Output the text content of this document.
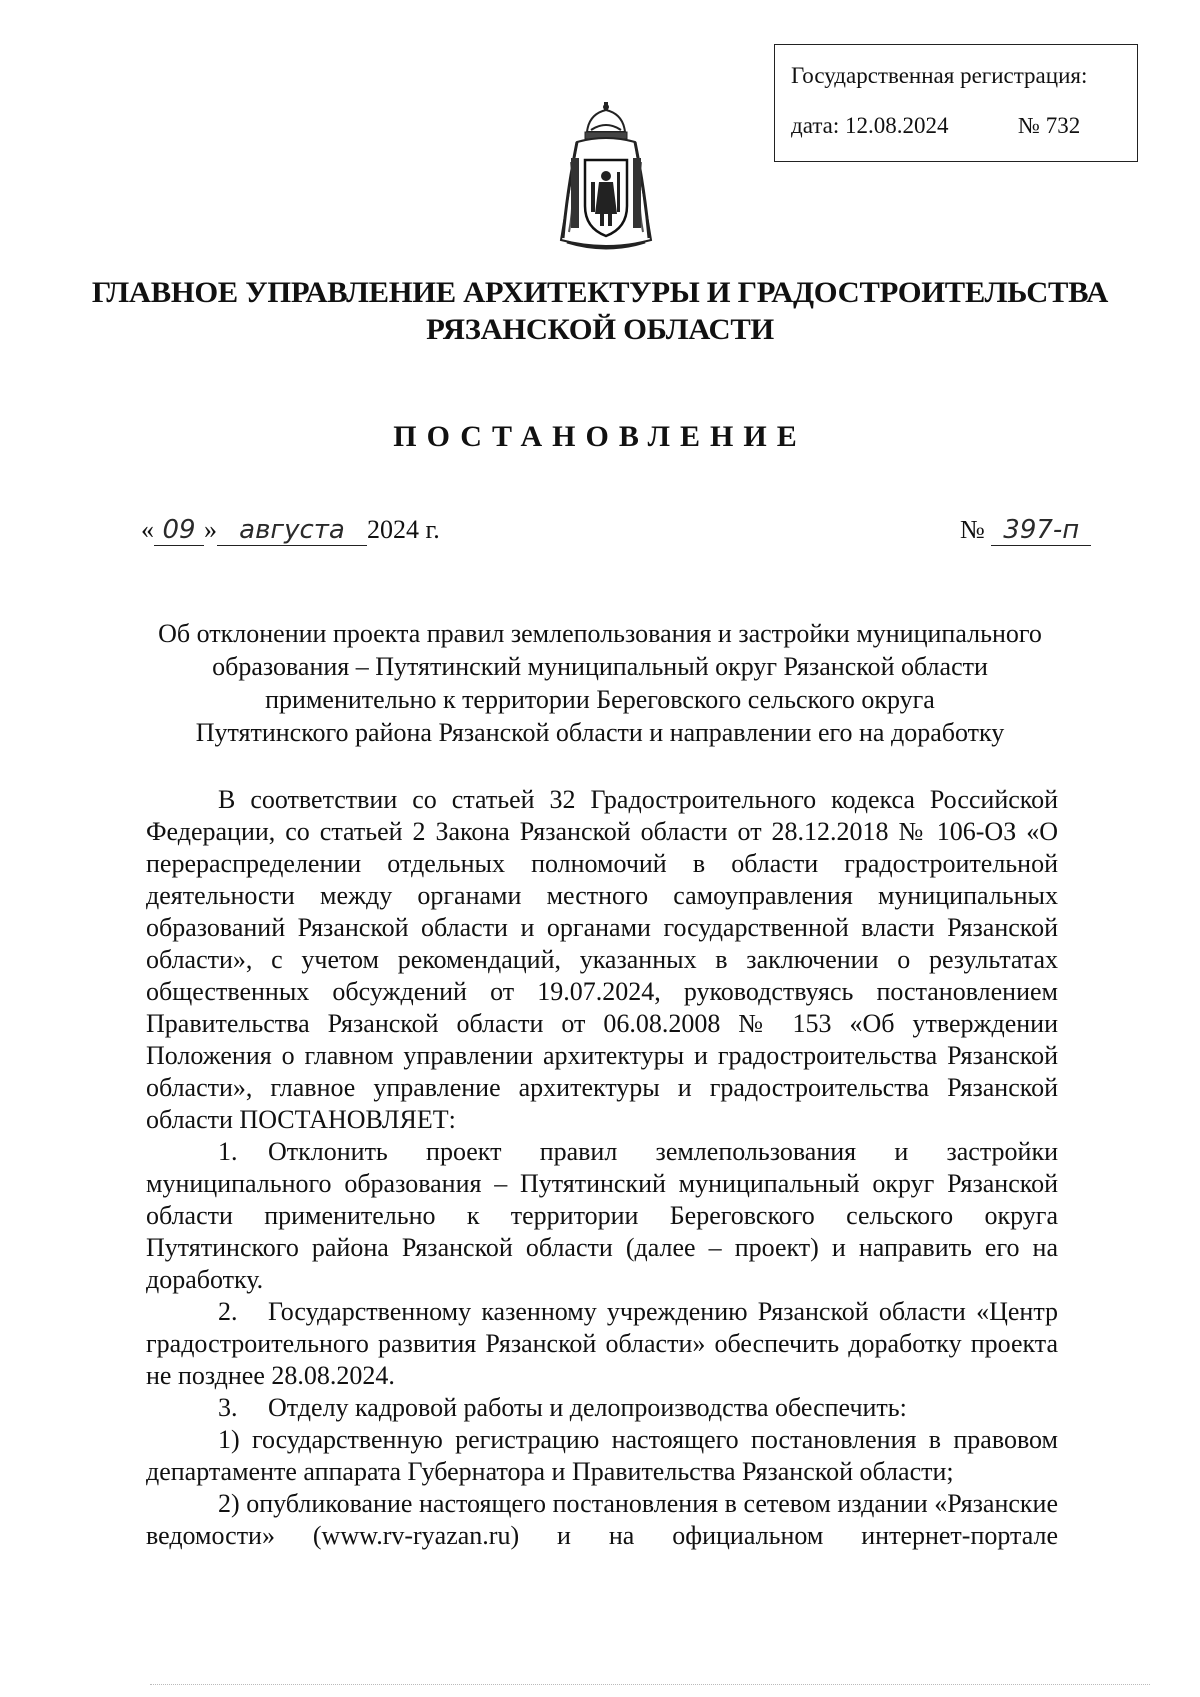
Государственная регистрация:
дата: 12.08.2024	№ 732
ГЛАВНОЕ УПРАВЛЕНИЕ АРХИТЕКТУРЫ И ГРАДОСТРОИТЕЛЬСТВА
РЯЗАНСКОЙ ОБЛАСТИ
ПОСТАНОВЛЕНИЕ
« 09 » августа 2024 г.	№ 397-п
Об отклонении проекта правил землепользования и застройки муниципального
образования – Путятинский муниципальный округ Рязанской области
применительно к территории Береговского сельского округа
Путятинского района Рязанской области и направлении его на доработку

В соответствии со статьей 32 Градостроительного кодекса Российской Федерации, со статьей 2 Закона Рязанской области от 28.12.2018 № 106-ОЗ «О перераспределении отдельных полномочий в области градостроительной деятельности между органами местного самоуправления муниципальных образований Рязанской области и органами государственной власти Рязанской области», с учетом рекомендаций, указанных в заключении о результатах общественных обсуждений от 19.07.2024, руководствуясь постановлением Правительства Рязанской области от 06.08.2008 № 153 «Об утверждении Положения о главном управлении архитектуры и градостроительства Рязанской области», главное управление архитектуры и градостроительства Рязанской области ПОСТАНОВЛЯЕТ:

1. Отклонить проект правил землепользования и застройки муниципального образования – Путятинский муниципальный округ Рязанской области применительно к территории Береговского сельского округа Путятинского района Рязанской области (далее – проект) и направить его на доработку.

2. Государственному казенному учреждению Рязанской области «Центр градостроительного развития Рязанской области» обеспечить доработку проекта не позднее 28.08.2024.

3. Отделу кадровой работы и делопроизводства обеспечить:

1) государственную регистрацию настоящего постановления в правовом департаменте аппарата Губернатора и Правительства Рязанской области;

2) опубликование настоящего постановления в сетевом издании «Рязанские ведомости» (www.rv-ryazan.ru) и на официальном интернет-портале
